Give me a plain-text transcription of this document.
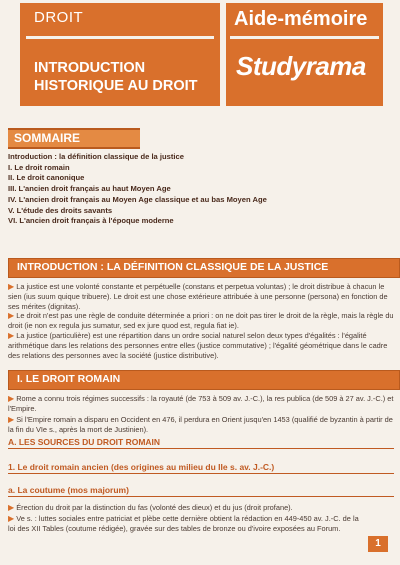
DROIT
INTRODUCTION
HISTORIQUE AU DROIT
Aide-mémoire
Studyrama
SOMMAIRE
Introduction : la définition classique de la justice
I. Le droit romain
II. Le droit canonique
III. L'ancien droit français au haut Moyen Age
IV. L'ancien droit français au Moyen Age classique et au bas Moyen Age
V. L'étude des droits savants
VI. L'ancien droit français à l'époque moderne
INTRODUCTION : LA DÉFINITION CLASSIQUE DE LA JUSTICE
▶ La justice est une volonté constante et perpétuelle (constans et perpetua voluntas) ; le droit distribue à chacun le sien (ius suum quique tribuere). Le droit est une chose extérieure attribuée à une personne (persona) en fonction de ses mérites (dignitas).
▶ Le droit n'est pas une règle de conduite déterminée a priori : on ne doit pas tirer le droit de la règle, mais la règle du droit (ie non ex regula jus sumatur, sed ex jure quod est, regula fiat ie).
▶ La justice (particulière) est une répartition dans un ordre social naturel selon deux types d'égalités : l'égalité arithmétique dans les relations des personnes entre elles (justice commutative) ; l'égalité géométrique dans le cadre des relations des personnes avec la société (justice distributive).
I. LE DROIT ROMAIN
▶ Rome a connu trois régimes successifs : la royauté (de 753 à 509 av. J.-C.), la res publica (de 509 à 27 av. J.-C.) et l'Empire.
▶ Si l'Empire romain a disparu en Occident en 476, il perdura en Orient jusqu'en 1453 (qualifié de byzantin à partir de la fin du VIe s., après la mort de Justinien).
A. LES SOURCES DU DROIT ROMAIN
1. Le droit romain ancien (des origines au milieu du IIe s. av. J.-C.)
a. La coutume (mos majorum)
▶ Érection du droit par la distinction du fas (volonté des dieux) et du jus (droit profane).
▶ Ve s. : luttes sociales entre patriciat et plèbe cette dernière obtient la rédaction en 449-450 av. J.-C. de la loi des XII Tables (coutume rédigée), gravée sur des tables de bronze ou d'ivoire exposées au Forum.
1
